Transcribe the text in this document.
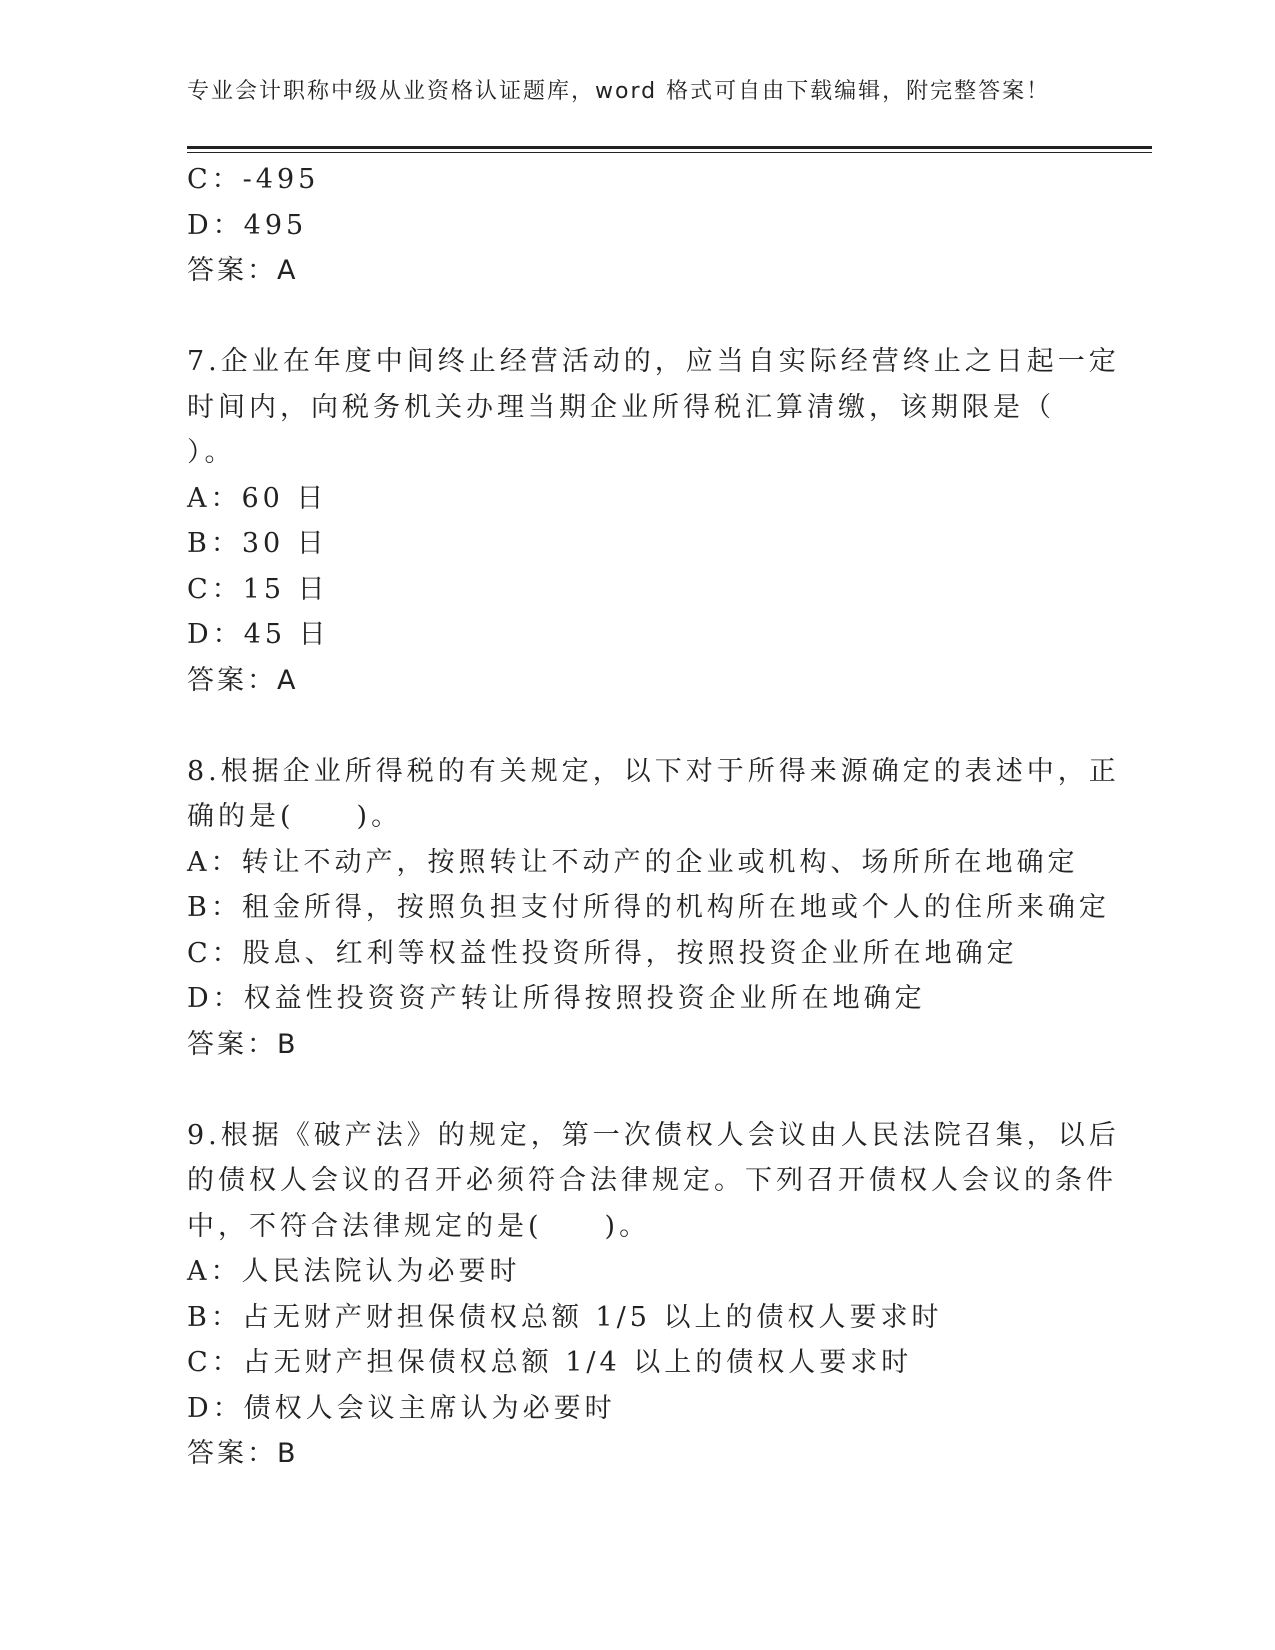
专业会计职称中级从业资格认证题库，word 格式可自由下载编辑，附完整答案！
C：-495
D：495
答案：A
7.企业在年度中间终止经营活动的，应当自实际经营终止之日起一定
时间内，向税务机关办理当期企业所得税汇算清缴，该期限是（
）。
A：60 日
B：30 日
C：15 日
D：45 日
答案：A
8.根据企业所得税的有关规定，以下对于所得来源确定的表述中，正
确的是(　　)。
A：转让不动产，按照转让不动产的企业或机构、场所所在地确定
B：租金所得，按照负担支付所得的机构所在地或个人的住所来确定
C：股息、红利等权益性投资所得，按照投资企业所在地确定
D：权益性投资资产转让所得按照投资企业所在地确定
答案：B
9.根据《破产法》的规定，第一次债权人会议由人民法院召集，以后
的债权人会议的召开必须符合法律规定。下列召开债权人会议的条件
中，不符合法律规定的是(　　)。
A：人民法院认为必要时
B：占无财产财担保债权总额 1/5 以上的债权人要求时
C：占无财产担保债权总额 1/4 以上的债权人要求时
D：债权人会议主席认为必要时
答案：B
